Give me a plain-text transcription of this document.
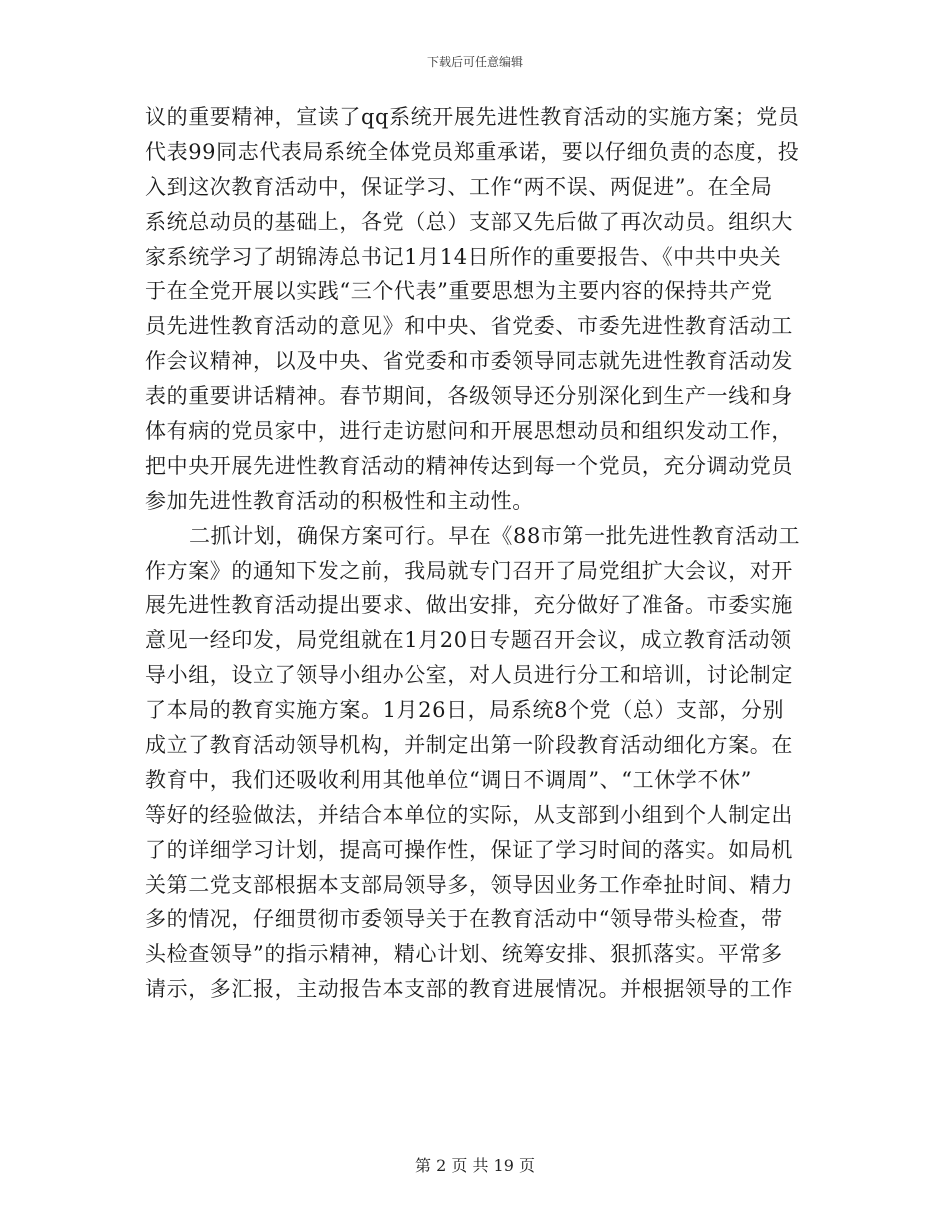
下载后可任意编辑
议的重要精神，宣读了qq系统开展先进性教育活动的实施方案；党员
代表99同志代表局系统全体党员郑重承诺，要以仔细负责的态度，投
入到这次教育活动中，保证学习、工作“两不误、两促进”。在全局
系统总动员的基础上，各党（总）支部又先后做了再次动员。组织大
家系统学习了胡锦涛总书记1月14日所作的重要报告、《中共中央关
于在全党开展以实践“三个代表”重要思想为主要内容的保持共产党
员先进性教育活动的意见》和中央、省党委、市委先进性教育活动工
作会议精神，以及中央、省党委和市委领导同志就先进性教育活动发
表的重要讲话精神。春节期间，各级领导还分别深化到生产一线和身
体有病的党员家中，进行走访慰问和开展思想动员和组织发动工作，
把中央开展先进性教育活动的精神传达到每一个党员，充分调动党员
参加先进性教育活动的积极性和主动性。
二抓计划，确保方案可行。早在《88市第一批先进性教育活动工
作方案》的通知下发之前，我局就专门召开了局党组扩大会议，对开
展先进性教育活动提出要求、做出安排，充分做好了准备。市委实施
意见一经印发，局党组就在1月20日专题召开会议，成立教育活动领
导小组，设立了领导小组办公室，对人员进行分工和培训，讨论制定
了本局的教育实施方案。1月26日，局系统8个党（总）支部，分别
成立了教育活动领导机构，并制定出第一阶段教育活动细化方案。在
教育中，我们还吸收利用其他单位“调日不调周”、“工休学不休”
等好的经验做法，并结合本单位的实际，从支部到小组到个人制定出
了的详细学习计划，提高可操作性，保证了学习时间的落实。如局机
关第二党支部根据本支部局领导多，领导因业务工作牵扯时间、精力
多的情况，仔细贯彻市委领导关于在教育活动中“领导带头检查，带
头检查领导”的指示精神，精心计划、统筹安排、狠抓落实。平常多
请示，多汇报，主动报告本支部的教育进展情况。并根据领导的工作
第 2 页 共 19 页
